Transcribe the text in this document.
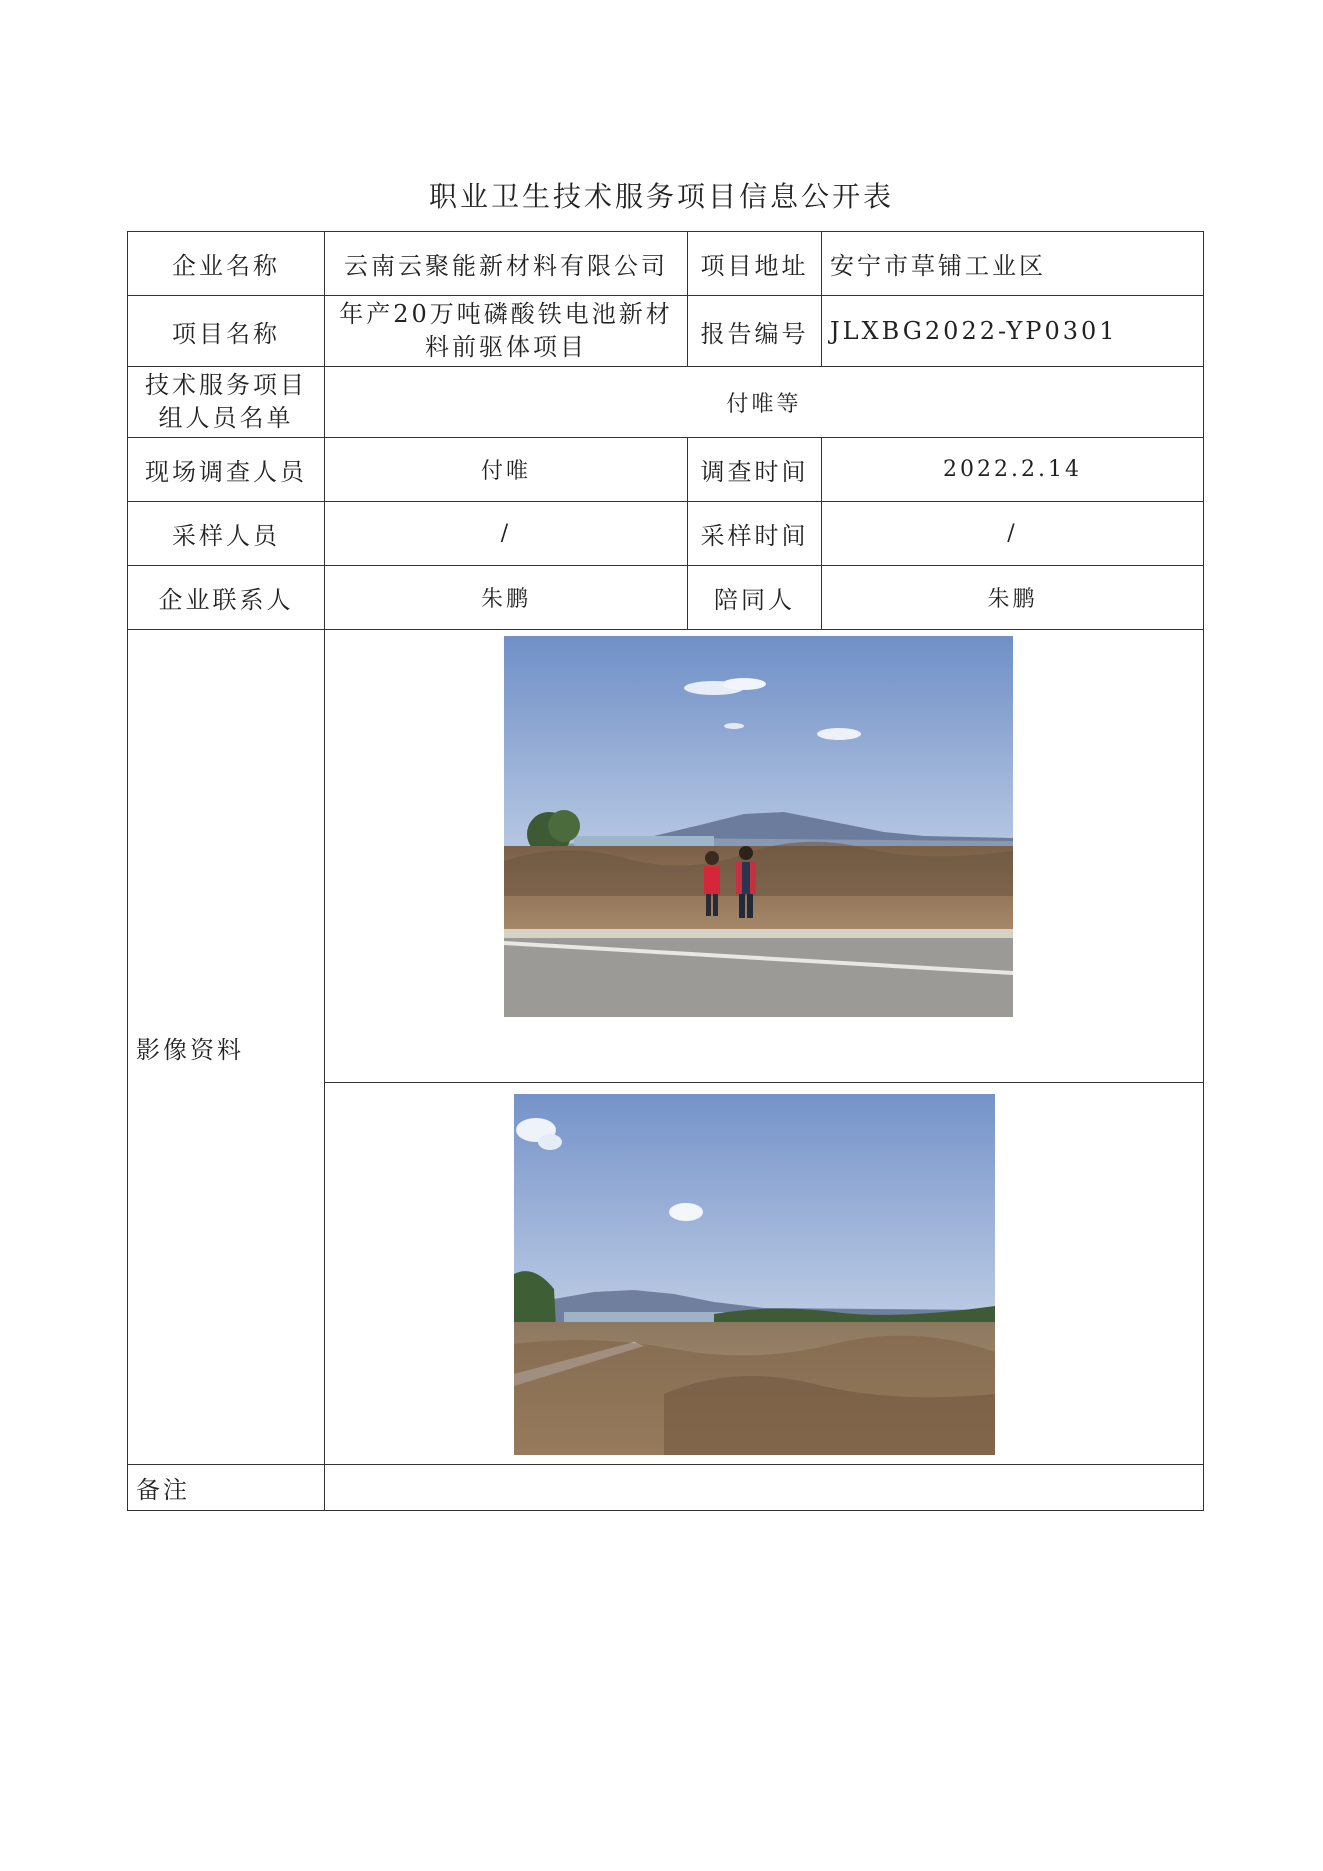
职业卫生技术服务项目信息公开表
企业名称	云南云聚能新材料有限公司	项目地址	安宁市草铺工业区
项目名称	年产20万吨磷酸铁电池新材料前驱体项目	报告编号	JLXBG2022-YP0301
技术服务项目组人员名单	付唯等		
现场调查人员	付唯	调查时间	2022.2.14
采样人员	/	采样时间	/
企业联系人	朱鹏	陪同人	朱鹏
影像资料	

备注			
